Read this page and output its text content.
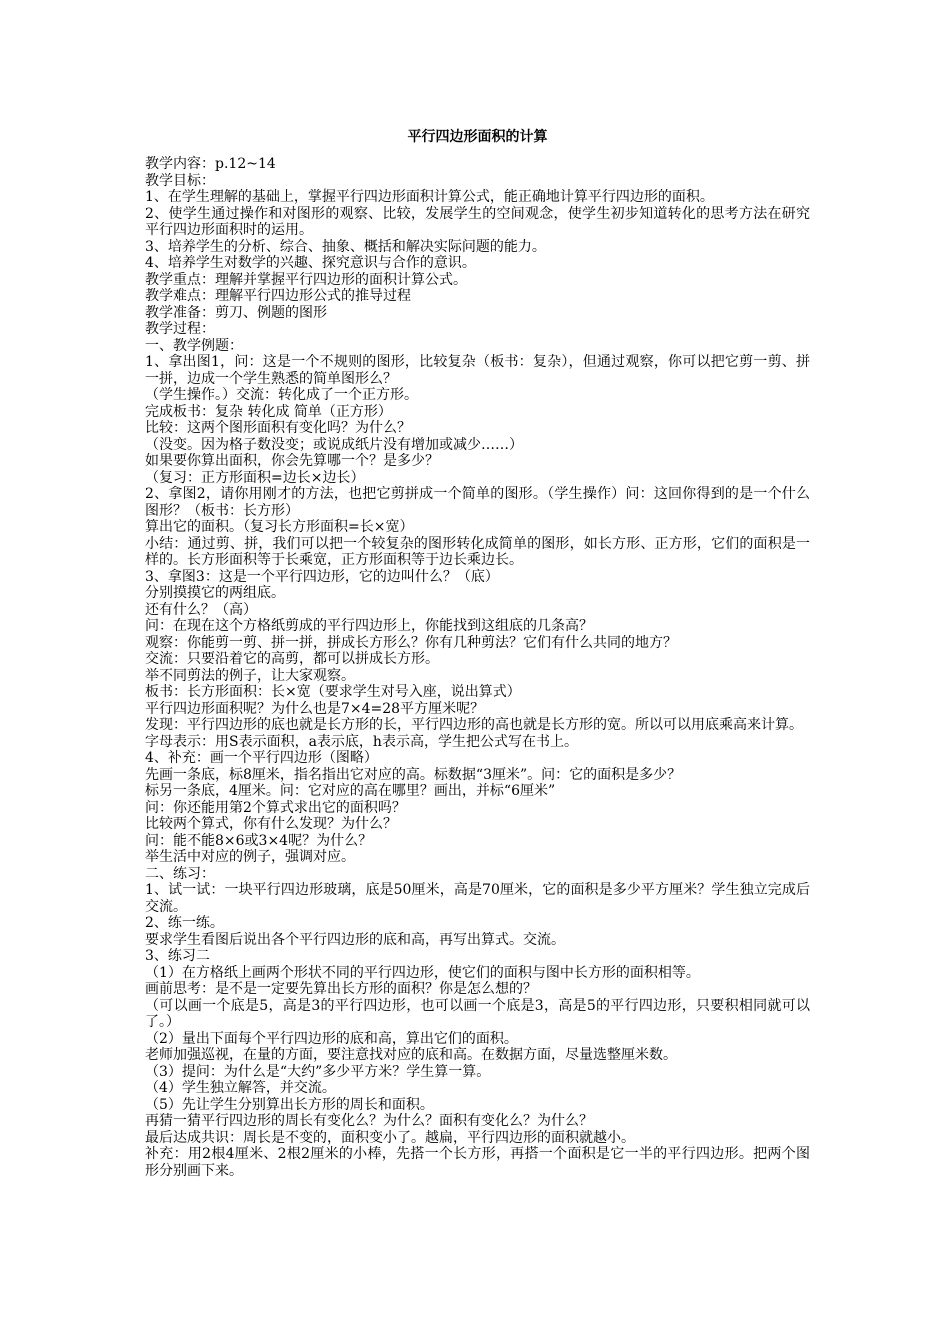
平行四边形面积的计算

教学内容：p.12~14

教学目标：

1、在学生理解的基础上，掌握平行四边形面积计算公式，能正确地计算平行四边形的面积。

2、使学生通过操作和对图形的观察、比较，发展学生的空间观念，使学生初步知道转化的思考方法在研究平行四边形面积时的运用。

3、培养学生的分析、综合、抽象、概括和解决实际问题的能力。

4、培养学生对数学的兴趣、探究意识与合作的意识。

教学重点：理解并掌握平行四边形的面积计算公式。

教学难点：理解平行四边形公式的推导过程

教学准备：剪刀、例题的图形

教学过程：

一、教学例题：

1、拿出图1，问：这是一个不规则的图形，比较复杂（板书：复杂），但通过观察，你可以把它剪一剪、拼一拼，边成一个学生熟悉的简单图形么？

（学生操作。）交流：转化成了一个正方形。

完成板书：复杂 转化成 简单（正方形）

比较：这两个图形面积有变化吗？为什么？

（没变。因为格子数没变；或说成纸片没有增加或减少……）

如果要你算出面积，你会先算哪一个？是多少？

（复习：正方形面积=边长×边长）

2、拿图2，请你用刚才的方法，也把它剪拼成一个简单的图形。（学生操作）问：这回你得到的是一个什么图形？（板书：长方形）

算出它的面积。（复习长方形面积=长×宽）

小结：通过剪、拼，我们可以把一个较复杂的图形转化成简单的图形，如长方形、正方形，它们的面积是一样的。长方形面积等于长乘宽，正方形面积等于边长乘边长。

3、拿图3：这是一个平行四边形，它的边叫什么？（底）

分别摸摸它的两组底。

还有什么？（高）

问：在现在这个方格纸剪成的平行四边形上，你能找到这组底的几条高？

观察：你能剪一剪、拼一拼，拼成长方形么？你有几种剪法？它们有什么共同的地方？

交流：只要沿着它的高剪，都可以拼成长方形。

举不同剪法的例子，让大家观察。

板书：长方形面积：长×宽（要求学生对号入座，说出算式）

平行四边形面积呢？为什么也是7×4=28平方厘米呢？

发现：平行四边形的底也就是长方形的长，平行四边形的高也就是长方形的宽。所以可以用底乘高来计算。

字母表示：用S表示面积，a表示底，h表示高，学生把公式写在书上。

4、补充：画一个平行四边形（图略）

先画一条底，标8厘米，指名指出它对应的高。标数据“3厘米”。问：它的面积是多少？

标另一条底，4厘米。问：它对应的高在哪里？画出，并标“6厘米”

问：你还能用第2个算式求出它的面积吗？

比较两个算式，你有什么发现？为什么？

问：能不能8×6或3×4呢？为什么？

举生活中对应的例子，强调对应。

二、练习：

1、试一试：一块平行四边形玻璃，底是50厘米，高是70厘米，它的面积是多少平方厘米？学生独立完成后交流。

2、练一练。

要求学生看图后说出各个平行四边形的底和高，再写出算式。交流。

3、练习二

（1）在方格纸上画两个形状不同的平行四边形，使它们的面积与图中长方形的面积相等。

画前思考：是不是一定要先算出长方形的面积？你是怎么想的？

（可以画一个底是5，高是3的平行四边形，也可以画一个底是3，高是5的平行四边形，只要积相同就可以了。）

（2）量出下面每个平行四边形的底和高，算出它们的面积。

老师加强巡视，在量的方面，要注意找对应的底和高。在数据方面，尽量选整厘米数。

（3）提问：为什么是“大约”多少平方米？学生算一算。

（4）学生独立解答，并交流。

（5）先让学生分别算出长方形的周长和面积。

再猜一猜平行四边形的周长有变化么？为什么？面积有变化么？为什么？

最后达成共识：周长是不变的，面积变小了。越扁，平行四边形的面积就越小。

补充：用2根4厘米、2根2厘米的小棒，先搭一个长方形，再搭一个面积是它一半的平行四边形。把两个图形分别画下来。
